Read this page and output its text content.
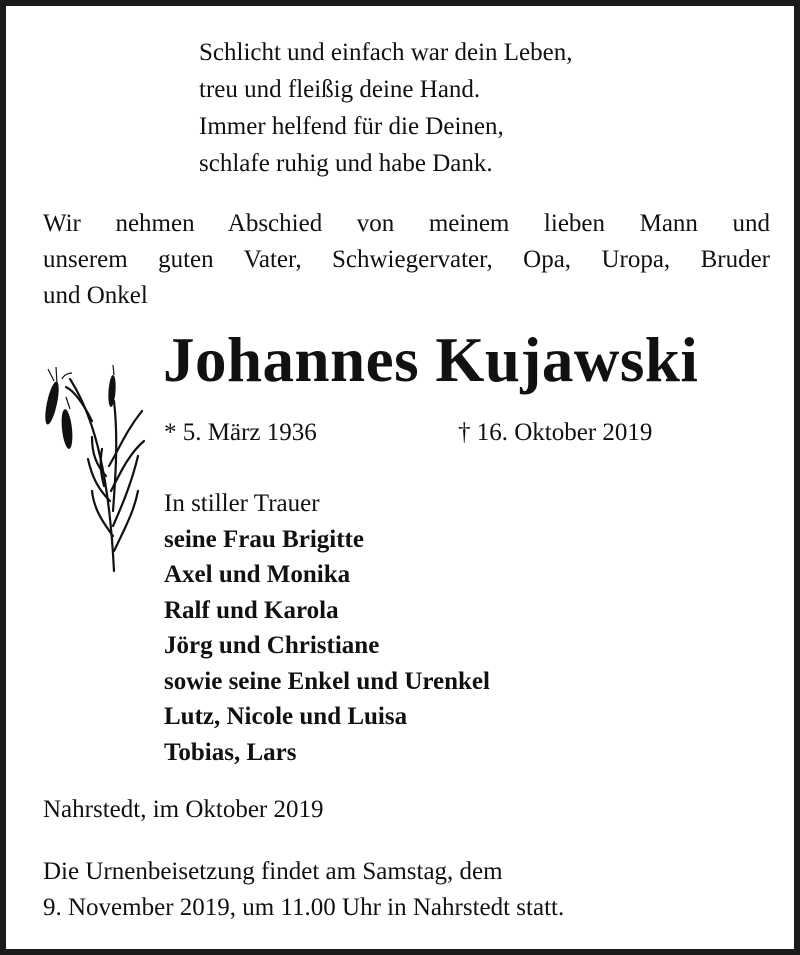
Schlicht und einfach war dein Leben,
treu und fleißig deine Hand.
Immer helfend für die Deinen,
schlafe ruhig und habe Dank.
Wir nehmen Abschied von meinem lieben Mann und
unserem guten Vater, Schwiegervater, Opa, Uropa, Bruder
und Onkel
Johannes Kujawski
* 5. März 1936	† 16. Oktober 2019
In stiller Trauer
seine Frau Brigitte
Axel und Monika
Ralf und Karola
Jörg und Christiane
sowie seine Enkel und Urenkel
Lutz, Nicole und Luisa
Tobias, Lars
Nahrstedt, im Oktober 2019
Die Urnenbeisetzung findet am Samstag, dem
9. November 2019, um 11.00 Uhr in Nahrstedt statt.
